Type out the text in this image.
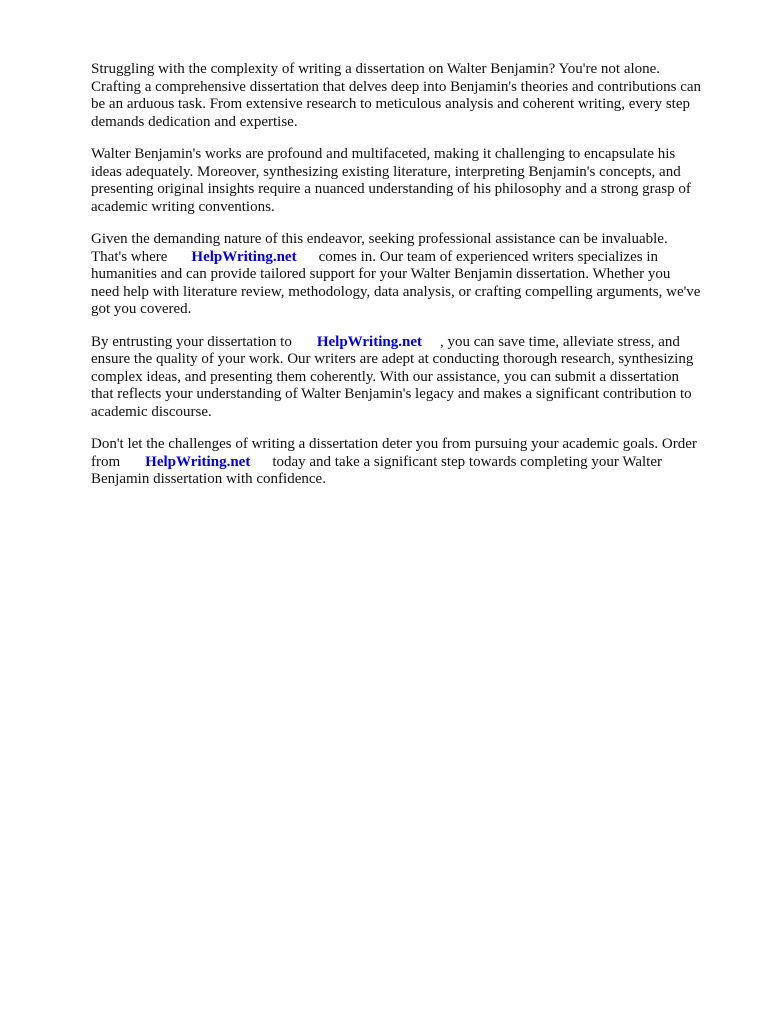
Struggling with the complexity of writing a dissertation on Walter Benjamin? You're not alone.
Crafting a comprehensive dissertation that delves deep into Benjamin's theories and contributions can
be an arduous task. From extensive research to meticulous analysis and coherent writing, every step
demands dedication and expertise.

Walter Benjamin's works are profound and multifaceted, making it challenging to encapsulate his
ideas adequately. Moreover, synthesizing existing literature, interpreting Benjamin's concepts, and
presenting original insights require a nuanced understanding of his philosophy and a strong grasp of
academic writing conventions.

Given the demanding nature of this endeavor, seeking professional assistance can be invaluable.
That's where HelpWriting.net comes in. Our team of experienced writers specializes in
humanities and can provide tailored support for your Walter Benjamin dissertation. Whether you
need help with literature review, methodology, data analysis, or crafting compelling arguments, we've
got you covered.

By entrusting your dissertation to HelpWriting.net , you can save time, alleviate stress, and
ensure the quality of your work. Our writers are adept at conducting thorough research, synthesizing
complex ideas, and presenting them coherently. With our assistance, you can submit a dissertation
that reflects your understanding of Walter Benjamin's legacy and makes a significant contribution to
academic discourse.

Don't let the challenges of writing a dissertation deter you from pursuing your academic goals. Order
from HelpWriting.net today and take a significant step towards completing your Walter
Benjamin dissertation with confidence.
